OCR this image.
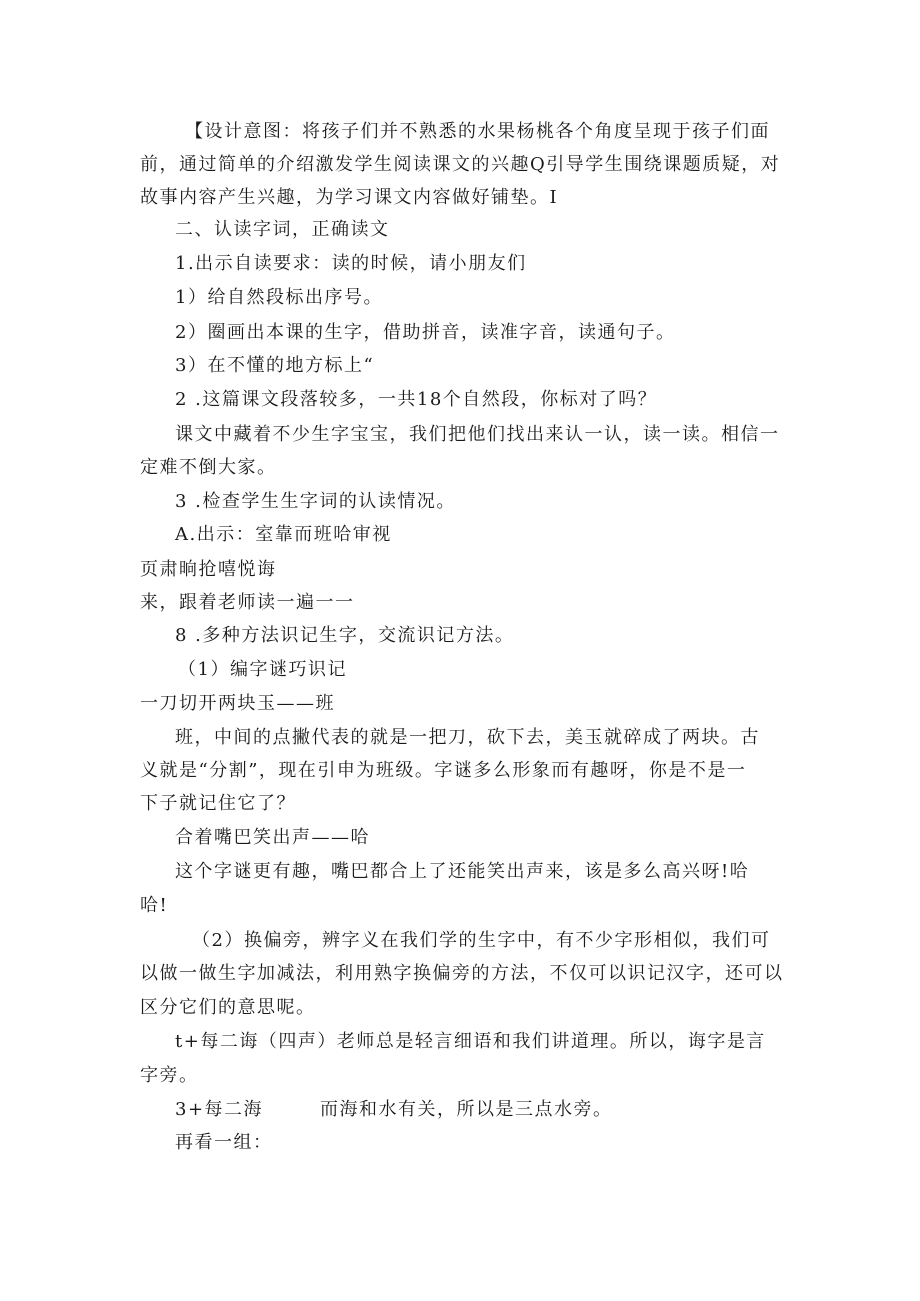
【设计意图：将孩子们并不熟悉的水果杨桃各个角度呈现于孩子们面
前，通过简单的介绍激发学生阅读课文的兴趣Q引导学生围绕课题质疑，对
故事内容产生兴趣，为学习课文内容做好铺垫。I
二、认读字词，正确读文
1.出示自读要求：读的时候，请小朋友们
1）给自然段标出序号。
2）圈画出本课的生字，借助拼音，读准字音，读通句子。
3）在不懂的地方标上“
2 .这篇课文段落较多，一共18个自然段，你标对了吗？
课文中藏着不少生字宝宝，我们把他们找出来认一认，读一读。相信一
定难不倒大家。
3 .检查学生生字词的认读情况。
A.出示：室靠而班哈审视
页肃晌抢嘻悦诲
来，跟着老师读一遍一一
8 .多种方法识记生字，交流识记方法。
（1）编字谜巧识记
一刀切开两块玉——班
班，中间的点撇代表的就是一把刀，砍下去，美玉就碎成了两块。古
义就是“分割”，现在引申为班级。字谜多么形象而有趣呀，你是不是一
下子就记住它了？
合着嘴巴笑出声——哈
这个字谜更有趣，嘴巴都合上了还能笑出声来，该是多么高兴呀!哈
哈!
（2）换偏旁，辨字义在我们学的生字中，有不少字形相似，我们可
以做一做生字加减法，利用熟字换偏旁的方法，不仅可以识记汉字，还可以
区分它们的意思呢。
t+每二诲（四声）老师总是轻言细语和我们讲道理。所以，诲字是言
字旁。
3+每二海	而海和水有关，所以是三点水旁。
再看一组：
